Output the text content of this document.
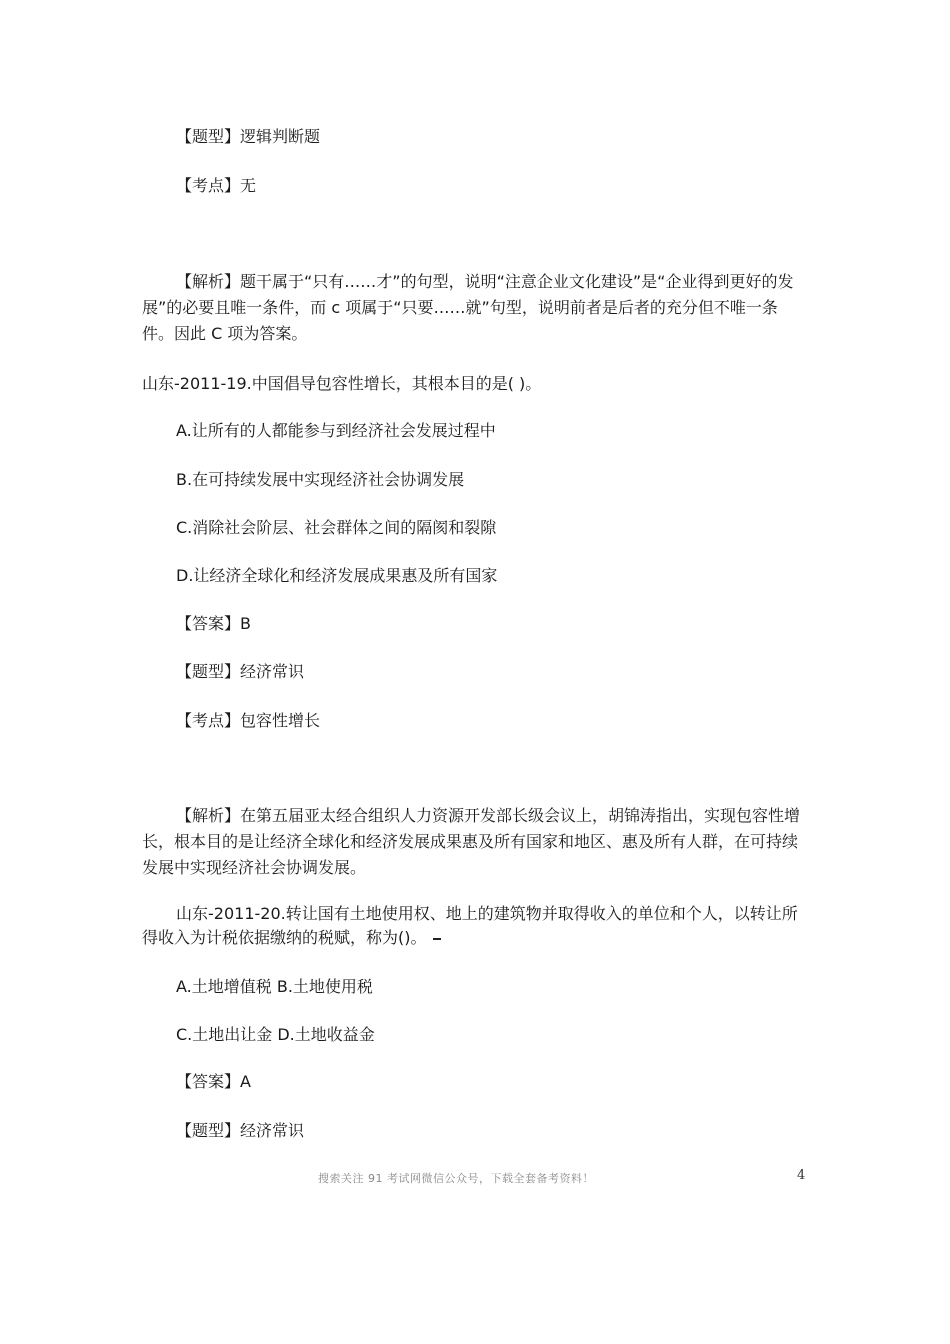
【题型】逻辑判断题
【考点】无

【解析】题干属于“只有……才”的句型，说明“注意企业文化建设”是“企业得到更好的发展”的必要且唯一条件，而 c 项属于“只要……就”句型，说明前者是后者的充分但不唯一条件。因此 C 项为答案。

山东-2011-19.中国倡导包容性增长，其根本目的是( )。
A.让所有的人都能参与到经济社会发展过程中
B.在可持续发展中实现经济社会协调发展
C.消除社会阶层、社会群体之间的隔阂和裂隙
D.让经济全球化和经济发展成果惠及所有国家
【答案】B
【题型】经济常识
【考点】包容性增长

【解析】在第五届亚太经合组织人力资源开发部长级会议上，胡锦涛指出，实现包容性增长，根本目的是让经济全球化和经济发展成果惠及所有国家和地区、惠及所有人群，在可持续发展中实现经济社会协调发展。

山东-2011-20.转让国有土地使用权、地上的建筑物并取得收入的单位和个人，以转让所得收入为计税依据缴纳的税赋，称为()。

A.土地增值税 B.土地使用税
C.土地出让金 D.土地收益金
【答案】A
【题型】经济常识
搜索关注 91 考试网微信公众号，下载全套备考资料！	4
